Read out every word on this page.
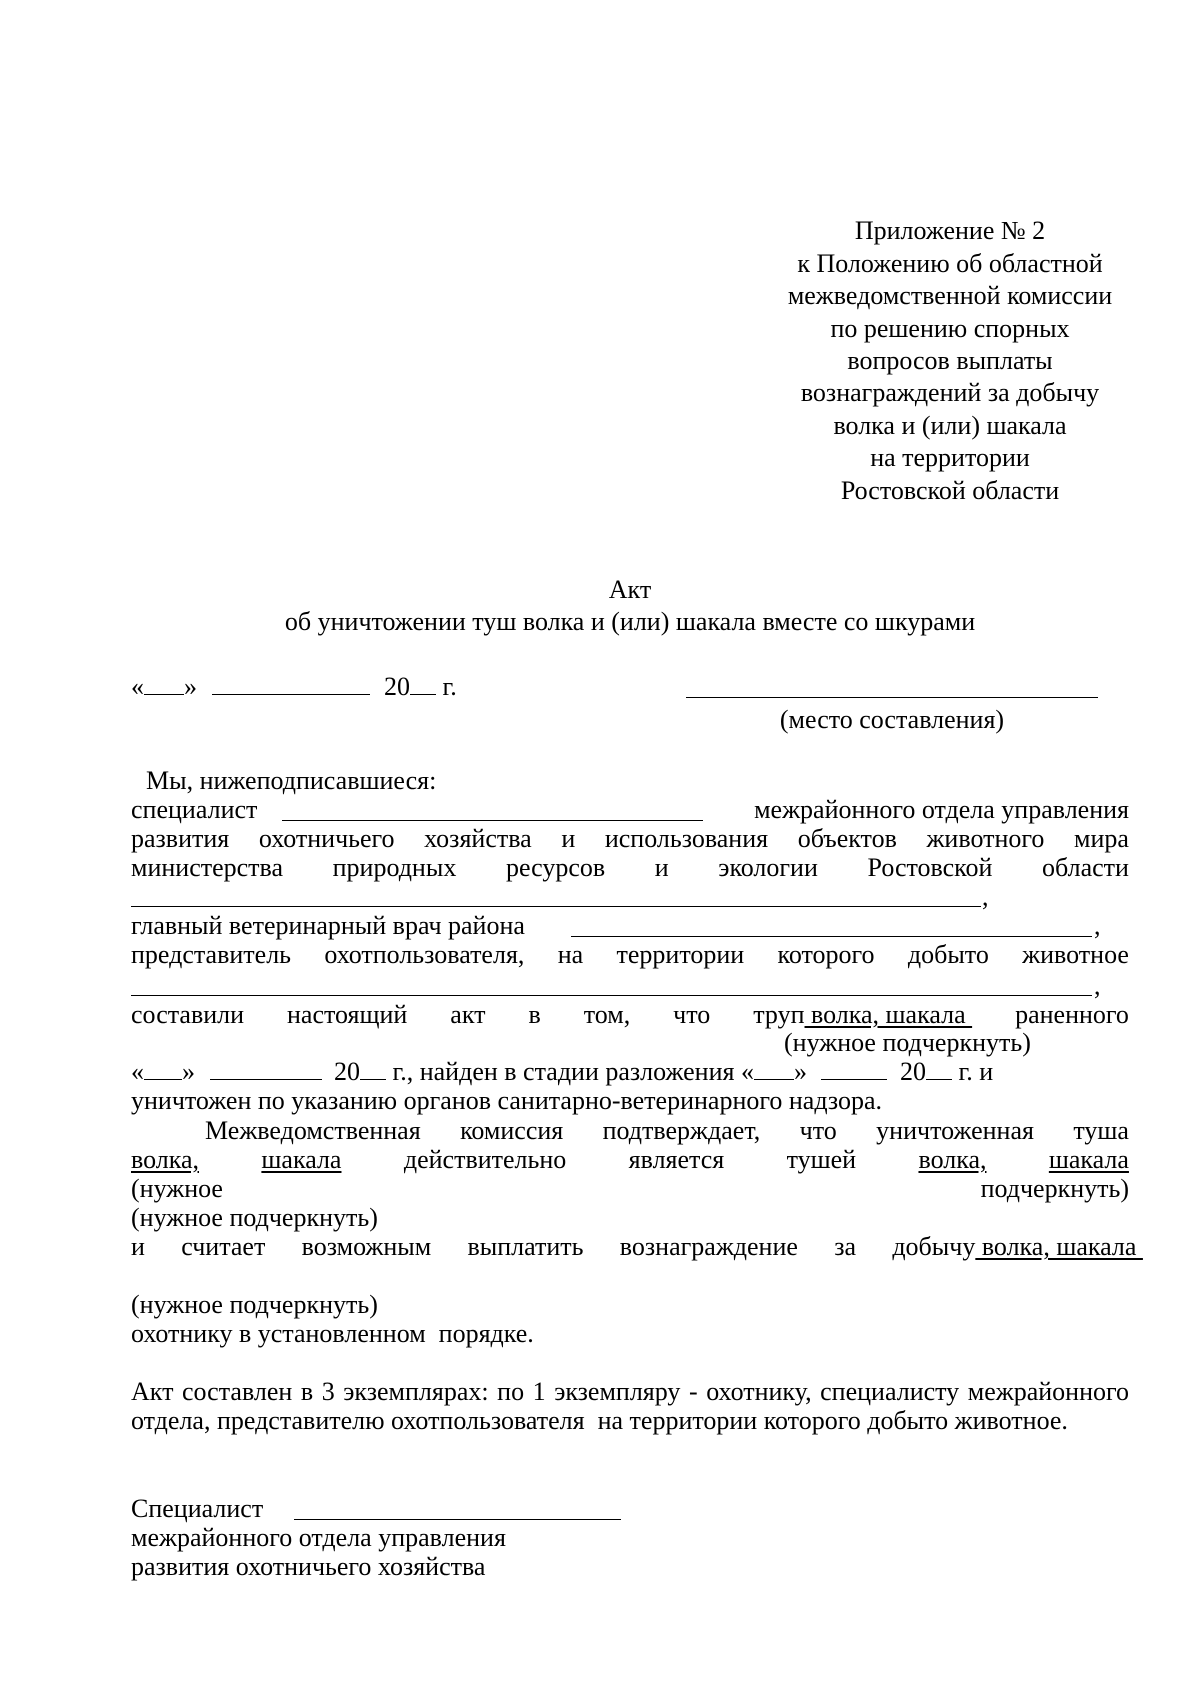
Приложение № 2
к Положению об областной
межведомственной комиссии
по решению спорных
вопросов выплаты
вознаграждений за добычу
волка и (или) шакала
на территории
Ростовской области
Акт
об уничтожении туш волка и (или) шакала вместе со шкурами
« »	20 г.
(место составления)
Мы, нижеподписавшиеся:
специалист	межрайонного отдела управления
развития охотничьего хозяйства и использования объектов животного мира
министерства природных ресурсов и экологии Ростовской области
,
главный ветеринарный врач района	,
представитель охотпользователя, на территории которого добыто животное
,
составили настоящий акт в том, что труп волка, шакала раненного
(нужное подчеркнуть)
« »	20 г., найден в стадии разложения « »	20 г. и
уничтожен по указанию органов санитарно-ветеринарного надзора.
Межведомственная комиссия подтверждает, что уничтоженная туша
волка, шакала действительно является тушей волка, шакала
(нужное	подчеркнуть)
(нужное подчеркнуть)
и считает возможным выплатить вознаграждение за добычу волка, шакала
(нужное подчеркнуть)
охотнику в установленном  порядке.
Акт составлен в 3 экземплярах: по 1 экземпляру - охотнику, специалисту межрайонного отдела, представителю охотпользователя  на территории которого добыто животное.
Специалист
межрайонного отдела управления
развития охотничьего хозяйства
